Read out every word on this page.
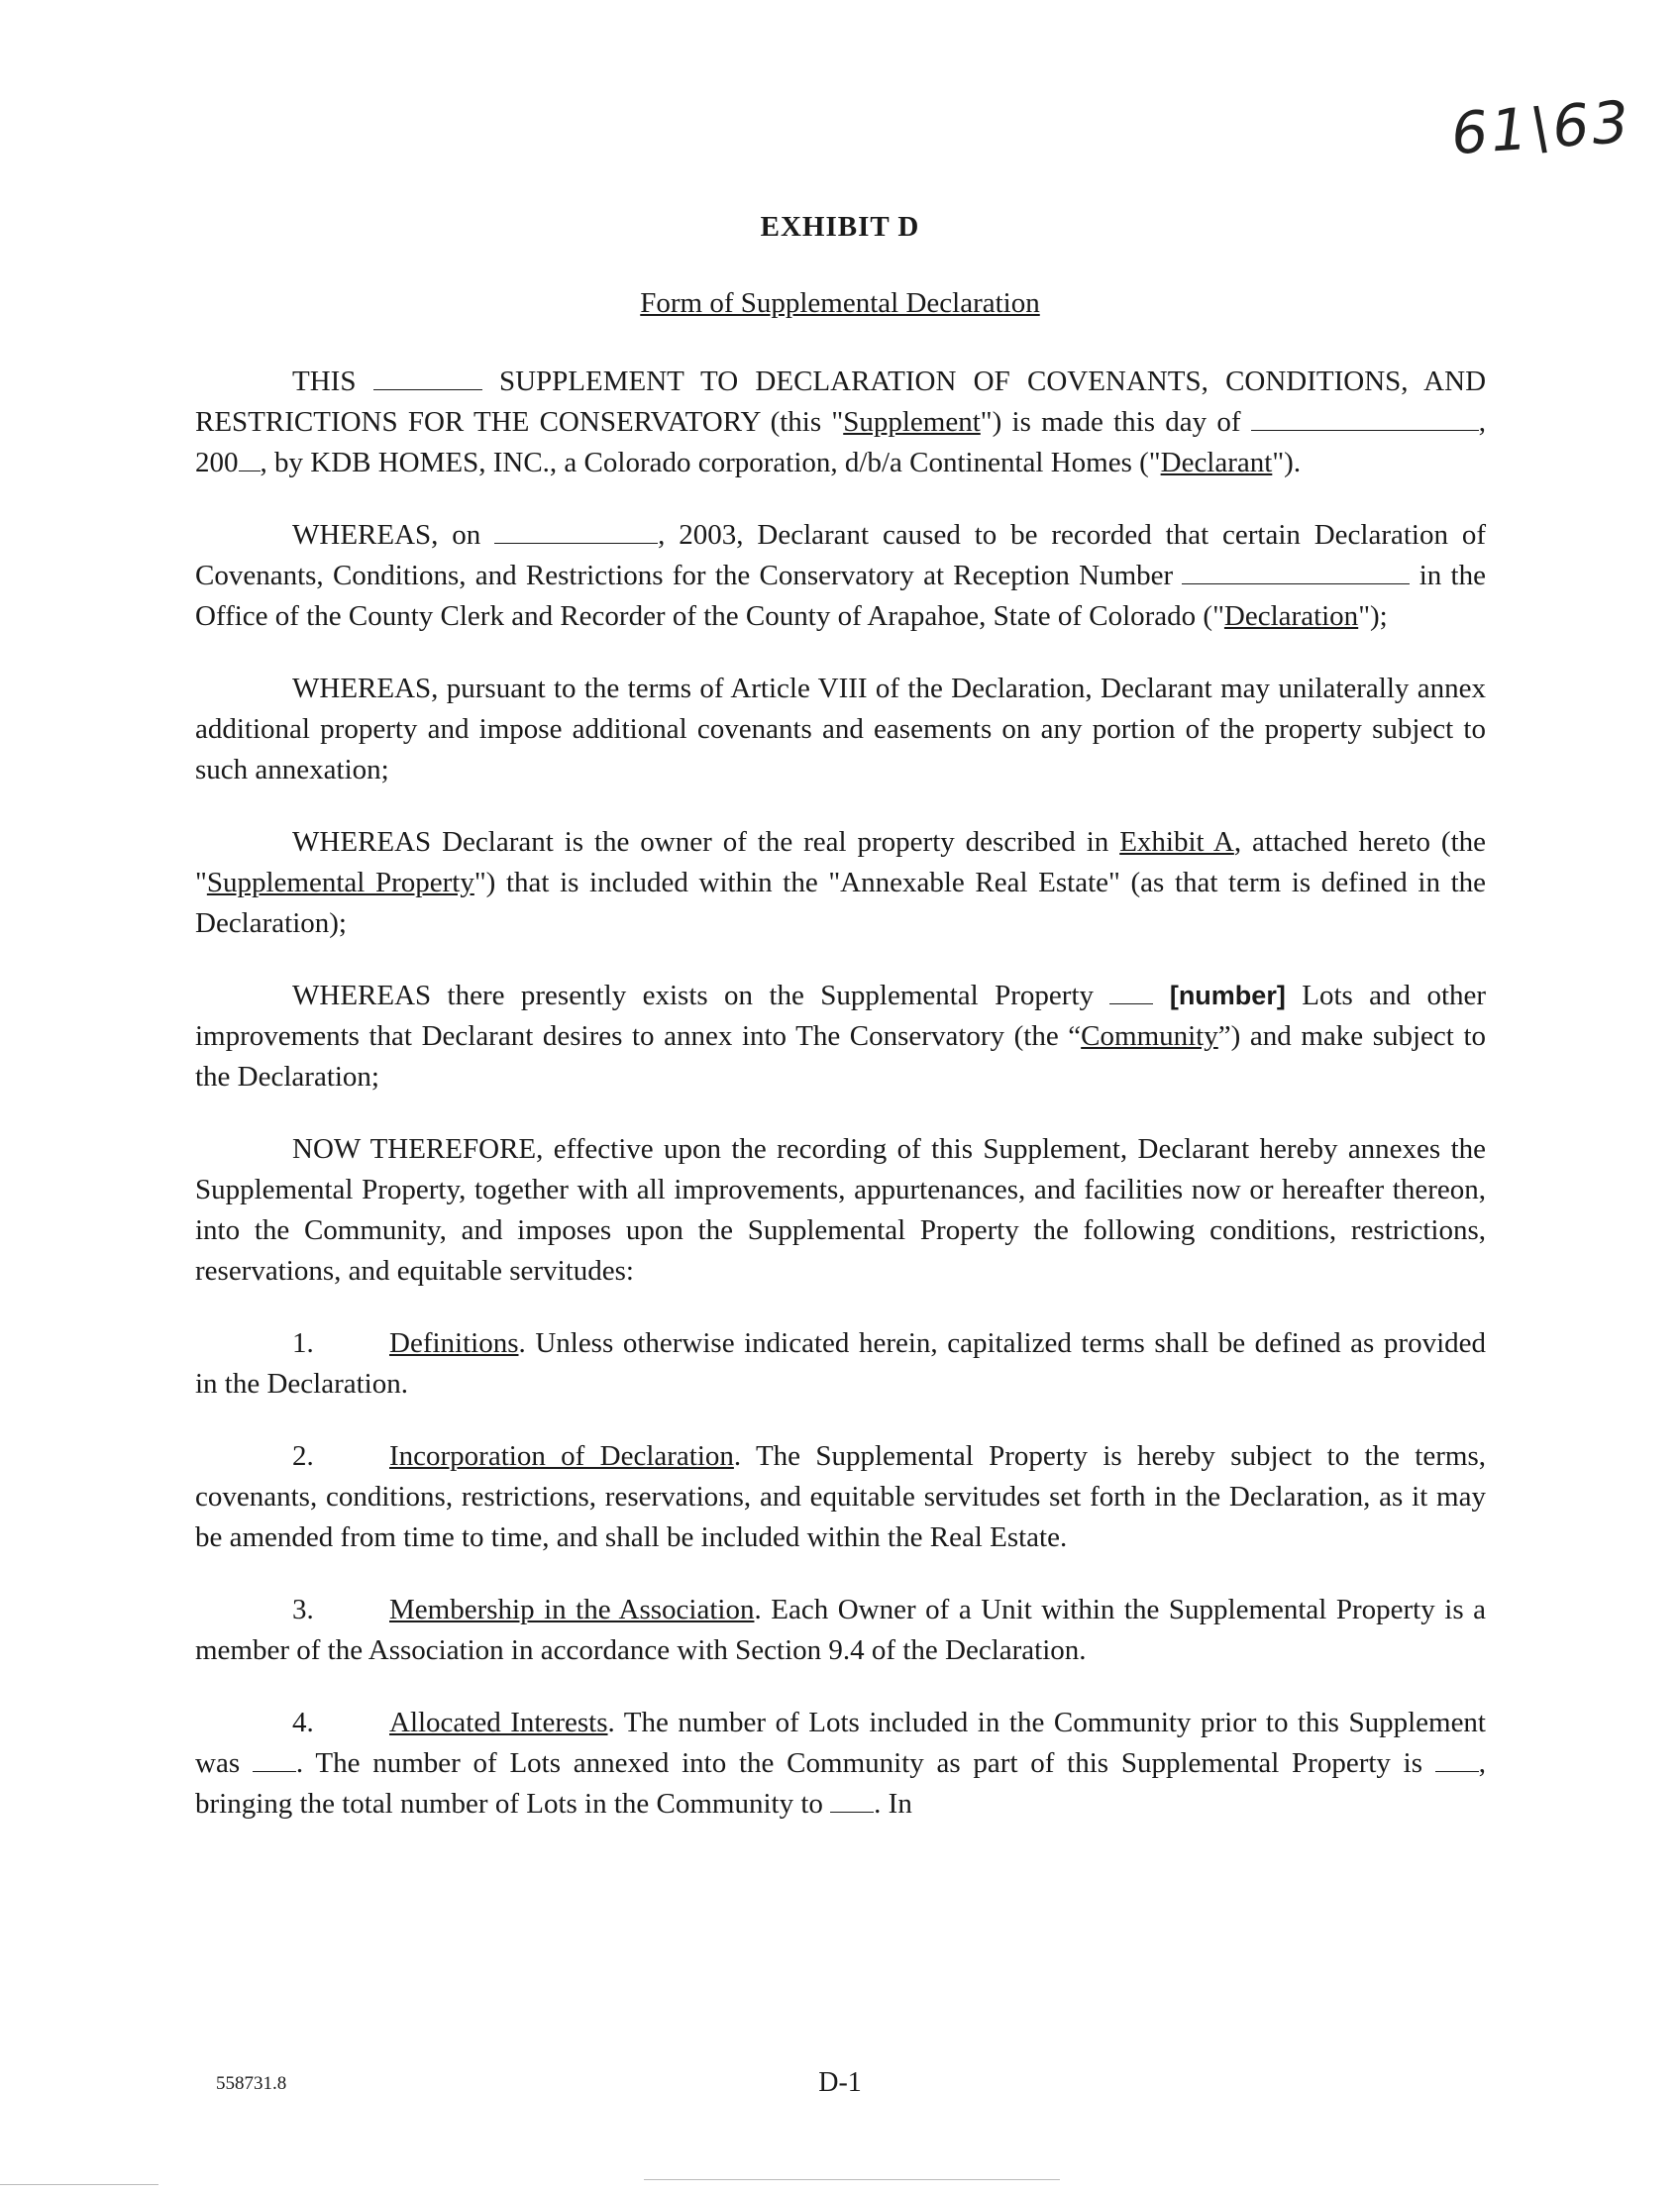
61\63
EXHIBIT D
Form of Supplemental Declaration

THIS	SUPPLEMENT TO DECLARATION OF COVENANTS, CONDITIONS, AND RESTRICTIONS FOR THE CONSERVATORY (this "Supplement") is made this day of	, 200 , by KDB HOMES, INC., a Colorado corporation, d/b/a Continental Homes ("Declarant").

WHEREAS, on	, 2003, Declarant caused to be recorded that certain Declaration of Covenants, Conditions, and Restrictions for the Conservatory at Reception Number	in the Office of the County Clerk and Recorder of the County of Arapahoe, State of Colorado ("Declaration");

WHEREAS, pursuant to the terms of Article VIII of the Declaration, Declarant may unilaterally annex additional property and impose additional covenants and easements on any portion of the property subject to such annexation;

WHEREAS Declarant is the owner of the real property described in Exhibit A, attached hereto (the "Supplemental Property") that is included within the "Annexable Real Estate" (as that term is defined in the Declaration);

WHEREAS there presently exists on the Supplemental Property	[number] Lots and other improvements that Declarant desires to annex into The Conservatory (the “Community”) and make subject to the Declaration;

NOW THEREFORE, effective upon the recording of this Supplement, Declarant hereby annexes the Supplemental Property, together with all improvements, appurtenances, and facilities now or hereafter thereon, into the Community, and imposes upon the Supplemental Property the following conditions, restrictions, reservations, and equitable servitudes:

1.	Definitions. Unless otherwise indicated herein, capitalized terms shall be defined as provided in the Declaration.

2.	Incorporation of Declaration. The Supplemental Property is hereby subject to the terms, covenants, conditions, restrictions, reservations, and equitable servitudes set forth in the Declaration, as it may be amended from time to time, and shall be included within the Real Estate.

3.	Membership in the Association. Each Owner of a Unit within the Supplemental Property is a member of the Association in accordance with Section 9.4 of the Declaration.

4.	Allocated Interests. The number of Lots included in the Community prior to this Supplement was . The number of Lots annexed into the Community as part of this Supplemental Property is , bringing the total number of Lots in the Community to . In

558731.8	D-1
